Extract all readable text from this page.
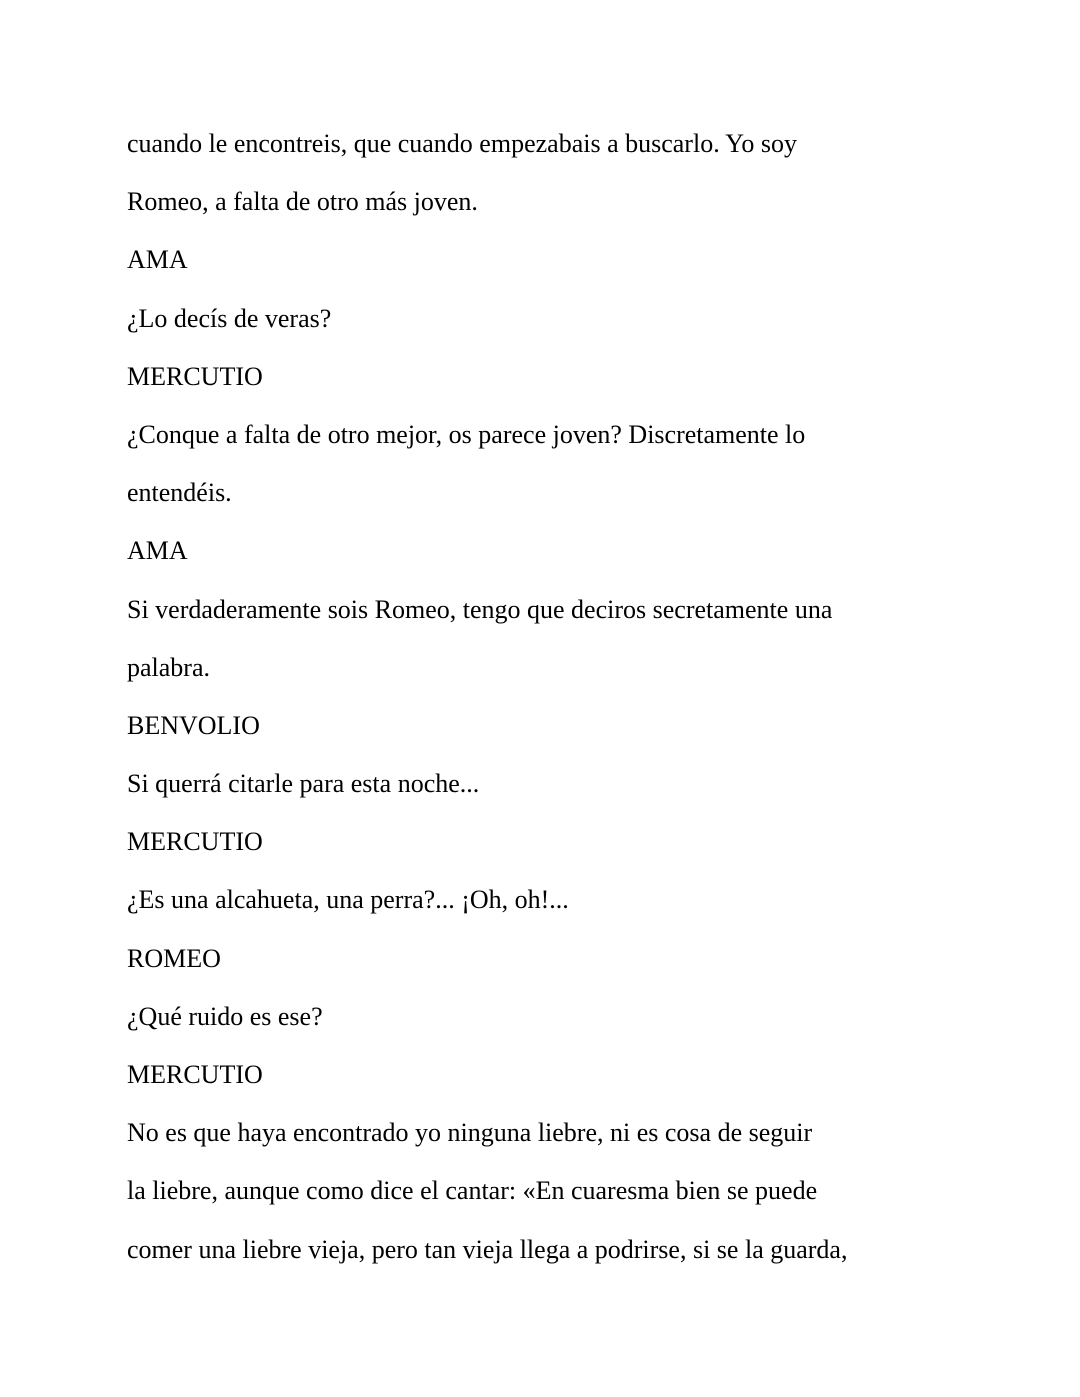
cuando le encontreis, que cuando empezabais a buscarlo. Yo soy

Romeo, a falta de otro más joven.

AMA

¿Lo decís de veras?

MERCUTIO

¿Conque a falta de otro mejor, os parece joven? Discretamente lo

entendéis.

AMA

Si verdaderamente sois Romeo, tengo que deciros secretamente una

palabra.

BENVOLIO

Si querrá citarle para esta noche...

MERCUTIO

¿Es una alcahueta, una perra?... ¡Oh, oh!...

ROMEO

¿Qué ruido es ese?

MERCUTIO

No es que haya encontrado yo ninguna liebre, ni es cosa de seguir

la liebre, aunque como dice el cantar: «En cuaresma bien se puede

comer una liebre vieja, pero tan vieja llega a podrirse, si se la guarda,
